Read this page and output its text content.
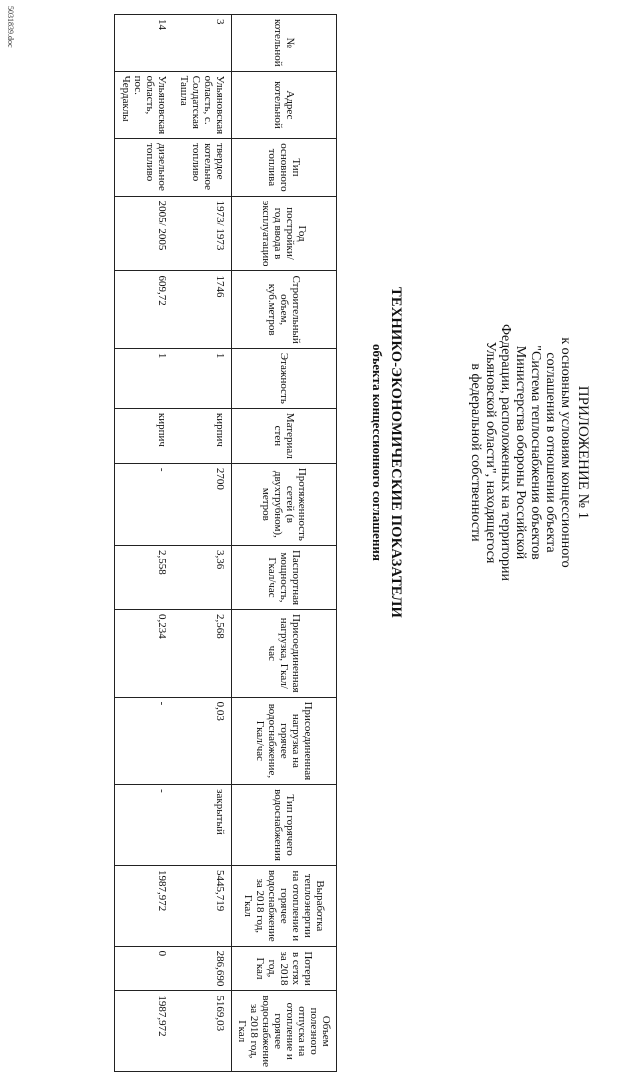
ПРИЛОЖЕНИЕ № 1
к основным условиям концессионного
соглашения в отношении объекта
"Система теплоснабжения объектов
Министерства обороны Российской
Федерации, расположенных на территории
Ульяновской области", находящегося
в федеральной собственности
ТЕХНИКО-ЭКОНОМИЧЕСКИЕ ПОКАЗАТЕЛИ
объекта концессионного соглашения
№ котельной	Адрес котельной	Тип основного топлива	Год постройки/год ввода в эксплуатацию	Строительный объем, куб.метров	Этажность	Материал стен	Протяженность сетей (в двухтрубном), метров	Паспортная мощность, Гкал/час	Присоединенная нагрузка, Гкал/час	Присоединенная нагрузка на горячее водоснабжение, Гкал/час	Тип горячего водоснабжения	Выработка теплоэнергии на отопление и горячее водоснабжение за 2018 год, Гкал	Потери в сетях за 2018 год, Гкал	Объем полезного отпуска на отопление и горячее водоснабжение за 2018 год, Гкал
3	Ульяновская область, с. Солдатская Ташла	твердое котельное топливо	1973/ 1973	1746	1	кирпич	2700	3,36	2,568	0,03	закрытый	5445,719	286,690	5169,03
14	Ульяновская область, пос. Чердаклы	дизельное топливо	2005/ 2005	609,72	1	кирпич	-	2,558	0,234	-	-	1987,972	0	1987,972
5031839.doc
